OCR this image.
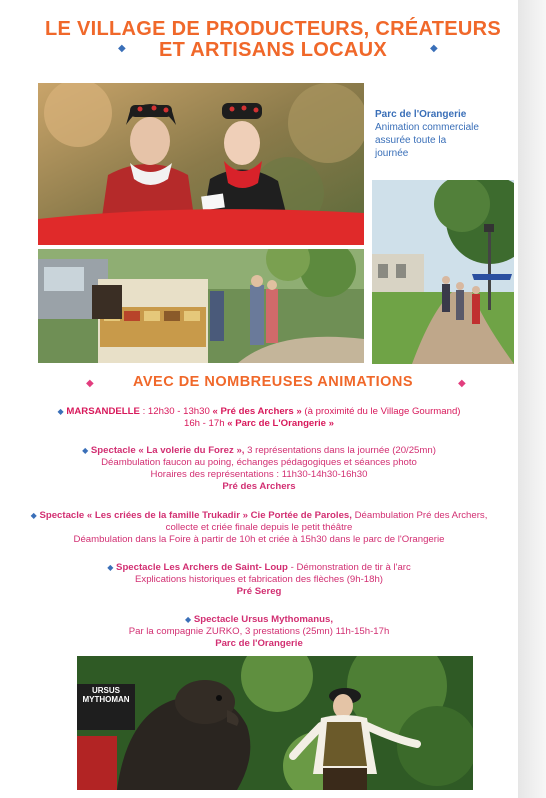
LE VILLAGE DE PRODUCTEURS, CRÉATEURS
ET ARTISANS LOCAUX
◆	◆
Parc de l'Orangerie
Animation commerciale
assurée toute la
journée
◆	AVEC DE NOMBREUSES ANIMATIONS	◆
◆ MARSANDELLE : 12h30 - 13h30 « Pré des Archers » (à proximité du le Village Gourmand)
16h - 17h « Parc de L'Orangerie »
◆ Spectacle « La volerie du Forez », 3 représentations dans la journée (20/25mn)
Déambulation faucon au poing, échanges pédagogiques et séances photo
Horaires des représentations : 11h30-14h30-16h30
Pré des Archers
◆ Spectacle « Les criées de la famille Trukadir » Cie Portée de Paroles, Déambulation Pré des Archers,
collecte et criée finale depuis le petit théâtre
Déambulation dans la Foire à partir de 10h et criée à 15h30 dans le parc de l'Orangerie
◆ Spectacle Les Archers de Saint- Loup - Démonstration de tir à l'arc
Explications historiques et fabrication des flèches (9h-18h)
Pré Sereg
◆ Spectacle Ursus Mythomanus,
Par la compagnie ZURKO, 3 prestations (25mn) 11h-15h-17h
Parc de l'Orangerie
URSUS
MYTHOMAN
